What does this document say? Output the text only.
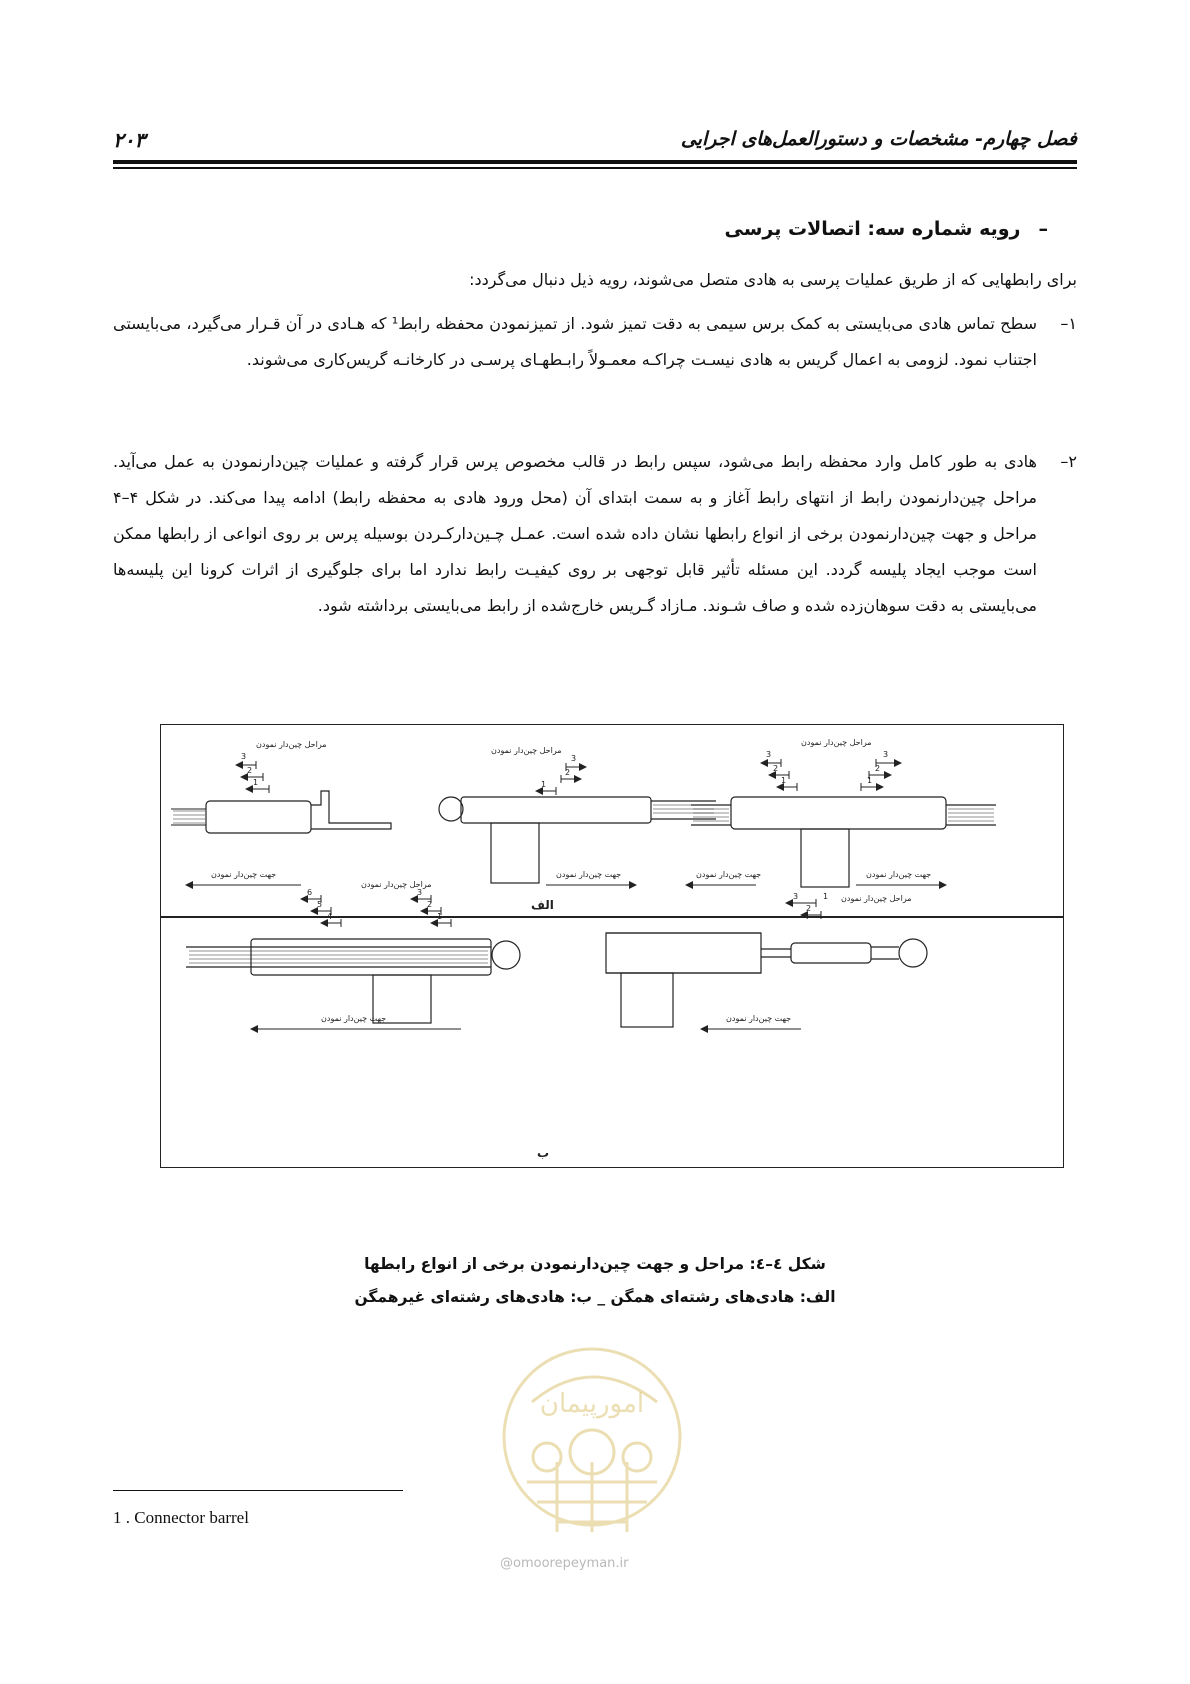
فصل چهارم- مشخصات و دستورالعمل‌های اجرایی
۲۰۳
–رویه شماره سه: اتصالات پرسی
برای رابطهایی که از طریق عملیات پرسی به هادی متصل می‌شوند، رویه ذیل دنبال می‌گردد:
۱–
سطح تماس هادی می‌بایستی به کمک برس سیمی به دقت تمیز شود. از تمیزنمودن محفظه رابط¹ که هـادی در آن قـرار می‌گیرد، می‌بایستی اجتناب نمود. لزومی به اعمال گریس به هادی نیسـت چراکـه معمـولاً رابـطهـای پرسـی در کارخانـه گریس‌کاری می‌شوند.
۲–
هادی به طور کامل وارد محفظه رابط می‌شود، سپس رابط در قالب مخصوص پرس قرار گرفته و عملیات چین‌دارنمودن به عمل می‌آید. مراحل چین‌دارنمودن رابط از انتهای رابط آغاز و به سمت ابتدای آن (محل ورود هادی به محفظه رابط) ادامه پیدا می‌کند. در شکل ۴–۴ مراحل و جهت چین‌دارنمودن برخی از انواع رابطها نشان داده شده است. عمـل چـین‌دارکـردن بوسیله پرس بر روی انواعی از رابطها ممکن است موجب ایجاد پلیسه گردد. این مسئله تأثیر قابل توجهی بر روی کیفیـت رابط ندارد اما برای جلوگیری از اثرات کرونا این پلیسه‌ها می‌بایستی به دقت سوهان‌زده شده و صاف شـوند. مـازاد گـریس خارج‌شده از رابط می‌بایستی برداشته شود.
مراحل چین‌دار نمودن
مراحل چین‌دار نمودن
مراحل چین‌دار نمودن
جهت چین‌دار نمودن	جهت چین‌دار نمودن	جهت چین‌دار نمودن	جهت چین‌دار نمودن
مراحل چین‌دار نمودن
مراحل چین‌دار نمودن
جهت چین‌دار نمودن	جهت چین‌دار نمودن
3
2
1
3
2
1
3
2
1
3
2
1
6
5
4
3
2
1
3	1
2
الف
ب
شکل ٤–٤: مراحل و جهت چین‌دارنمودن برخی از انواع رابطها
الف: هادی‌های رشته‌ای همگن _ ب: هادی‌های رشته‌ای غیرهمگن
امورپیمان
1 . Connector barrel
@omoorepeyman.ir
